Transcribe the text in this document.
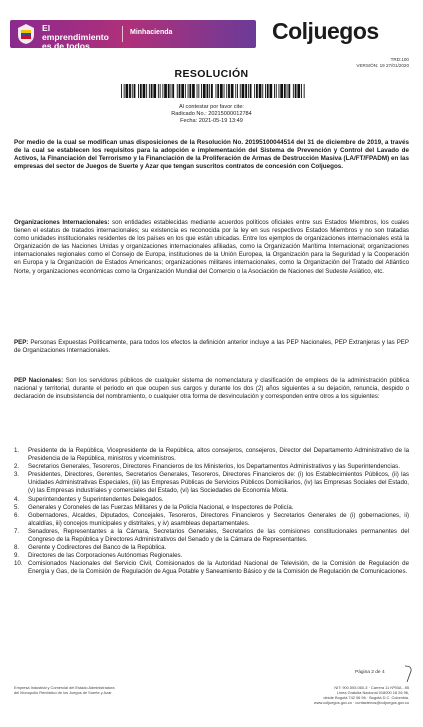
El emprendimiento es de todos
Minhacienda	Coljuegos
TRD:100
VERSIÓN: 19 27/01/2020
RESOLUCIÓN
Al contestar por favor cite:
Radicado No.: 20215000012784
Fecha: 2021-05-19 13:49
Por medio de la cual se modifican unas disposiciones de la Resolución No. 20195100044514 del 31 de diciembre de 2019, a través de la cual se establecen los requisitos para la adopción e implementación del Sistema de Prevención y Control del Lavado de Activos, la Financiación del Terrorismo y la Financiación de la Proliferación de Armas de Destrucción Masiva (LA/FT/FPADM) en las empresas del sector de Juegos de Suerte y Azar que tengan suscritos contratos de concesión con Coljuegos.
Organizaciones Internacionales: son entidades establecidas mediante acuerdos políticos oficiales entre sus Estados Miembros, los cuales tienen el estatus de tratados internacionales; su existencia es reconocida por la ley en sus respectivos Estados Miembros y no son tratadas como unidades institucionales residentes de los países en los que están ubicadas. Entre los ejemplos de organizaciones internacionales está la Organización de las Naciones Unidas y organizaciones internacionales afiliadas, como la Organización Marítima Internacional; organizaciones internacionales regionales como el Consejo de Europa, instituciones de la Unión Europea, la Organización para la Seguridad y la Cooperación en Europa y la Organización de Estados Americanos; organizaciones militares internacionales, como la Organización del Tratado del Atlántico Norte, y organizaciones económicas como la Organización Mundial del Comercio o la Asociación de Naciones del Sudeste Asiático, etc.
PEP: Personas Expuestas Políticamente, para todos los efectos la definición anterior incluye a las PEP Nacionales, PEP Extranjeras y las PEP de Organizaciones Internacionales.
PEP Nacionales: Son los servidores públicos de cualquier sistema de nomenclatura y clasificación de empleos de la administración pública nacional y territorial, durante el periodo en que ocupen sus cargos y durante los dos (2) años siguientes a su dejación, renuncia, despido o declaración de insubsistencia del nombramiento, o cualquier otra forma de desvinculación y corresponden entre otros a los siguientes:
1. Presidente de la República, Vicepresidente de la República, altos consejeros, consejeros, Director del Departamento Administrativo de la Presidencia de la República, ministros y viceministros.
2. Secretarios Generales, Tesoreros, Directores Financieros de los Ministerios, los Departamentos Administrativos y las Superintendencias.
3. Presidentes, Directores, Gerentes, Secretarios Generales, Tesoreros, Directores Financieros de: (i) los Establecimientos Públicos, (ii) las Unidades Administrativas Especiales, (iii) las Empresas Públicas de Servicios Públicos Domiciliarios, (iv) las Empresas Sociales del Estado, (v) las Empresas industriales y comerciales del Estado, (vi) las Sociedades de Economía Mixta.
4. Superintendentes y Superintendentes Delegados.
5. Generales y Coroneles de las Fuerzas Militares y de la Policía Nacional, e Inspectores de Policía.
6. Gobernadores, Alcaldes, Diputados, Concejales, Tesoreros, Directores Financieros y Secretarios Generales de (i) gobernaciones, ii) alcaldías, iii) concejos municipales y distritales, y iv) asambleas departamentales.
7. Senadores, Representantes a la Cámara, Secretarios Generales, Secretarios de las comisiones constitucionales permanentes del Congreso de la República y Directores Administrativos del Senado y de la Cámara de Representantes.
8. Gerente y Codirectores del Banco de la República.
9. Directores de las Corporaciones Autónomas Regionales.
10. Comisionados Nacionales del Servicio Civil, Comisionados de la Autoridad Nacional de Televisión, de la Comisión de Regulación de Energía y Gas, de la Comisión de Regulación de Agua Potable y Saneamiento Básico y de la Comisión de Regulación de Comunicaciones.
Página 2 de 4
Empresa Industrial y Comercial del Estado Administradora
del Monopolio Rentístico de los Juegos de Suerte y Azar
NIT: 900.505.060-3 · Carrera 11 Nº93A - 85
Línea Gratuita Nacional 018000 18 26 96,
desde Bogotá 742 06 96 · Bogotá D.C. Colombia.
www.coljuegos.gov.co · contactenos@coljuegos.gov.co
